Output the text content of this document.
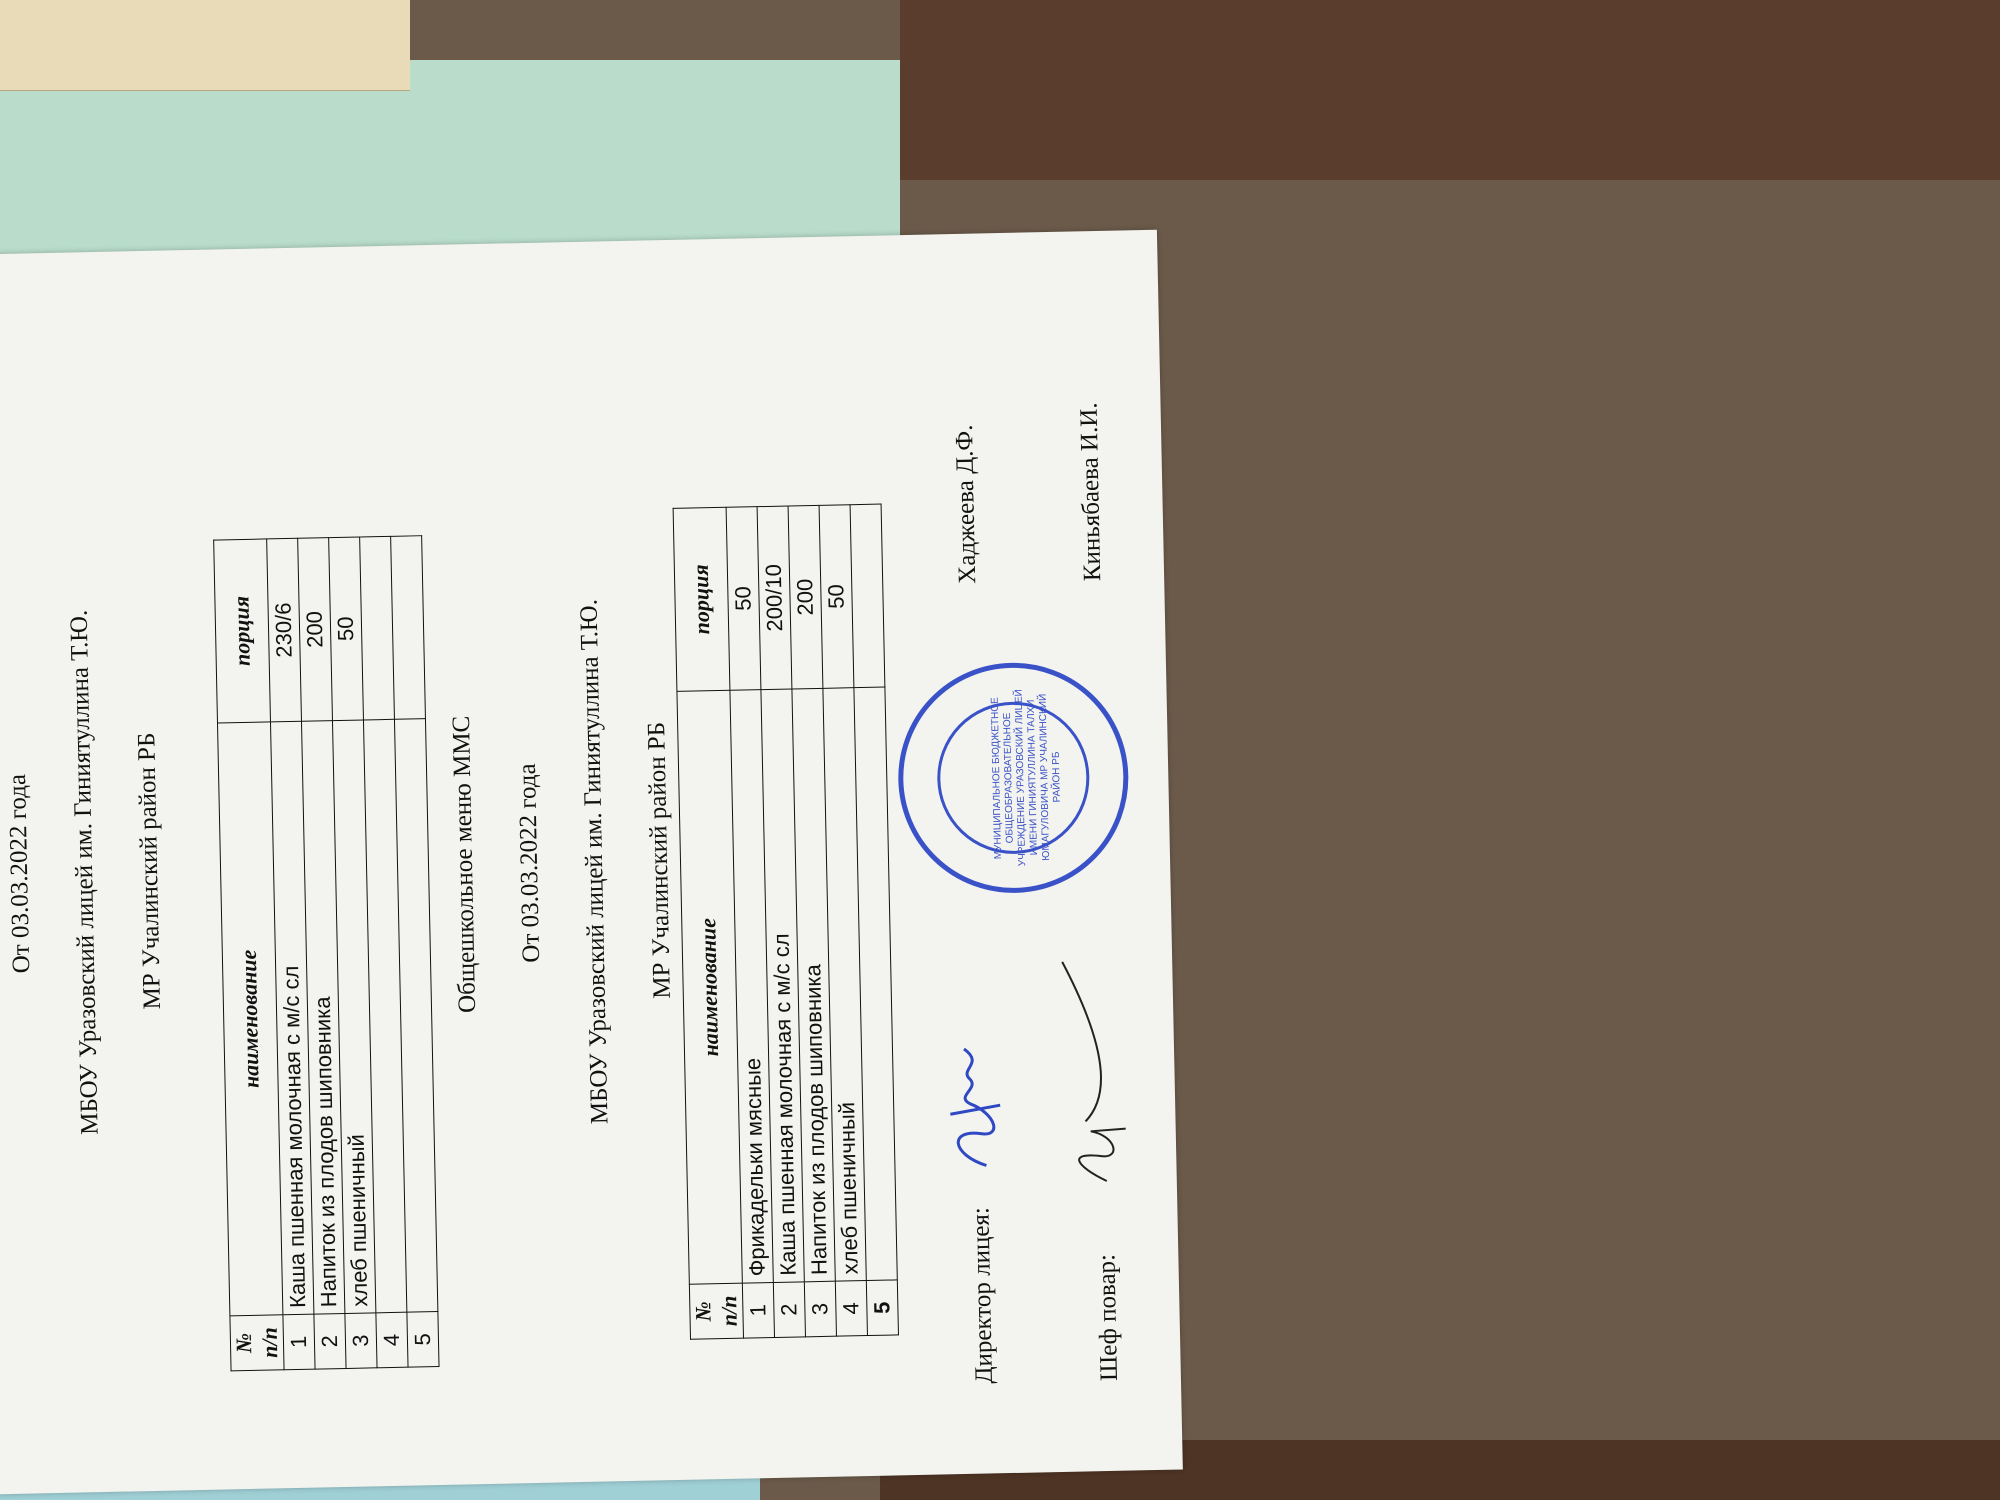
От 03.03.2022 года	МБОУ Уразовский лицей им. Гиниятуллина Т.Ю.	МР Учалинский район РБ
№ п/п	наименование	порция
1	Каша пшенная молочная с м/с сл	230/6
2	Напиток из плодов шиповника	200
3	хлеб пшеничный	50
4		
5		
Общешкольное меню ММС	От 03.03.2022 года	МБОУ Уразовский лицей им. Гиниятуллина Т.Ю.	МР Учалинский район РБ
№ п/п	наименование	порция
1	Фрикадельки мясные	50
2	Каша пшенная молочная с м/с сл	200/10
3	Напиток из плодов шиповника	200
4	хлеб пшеничный	50
5			Директор лицея:
МУНИЦИПАЛЬНОЕ БЮДЖЕТНОЕ ОБЩЕОБРАЗОВАТЕЛЬНОЕ УЧРЕЖДЕНИЕ УРАЗОВСКИЙ ЛИЦЕЙ ИМЕНИ ГИНИЯТУЛЛИНА ТАЛХИ ЮМАГУЛОВИЧА МР УЧАЛИНСКИЙ РАЙОН РБ
Хаджеева Д.Ф.
Шеф повар:
Киньябаева И.И.
